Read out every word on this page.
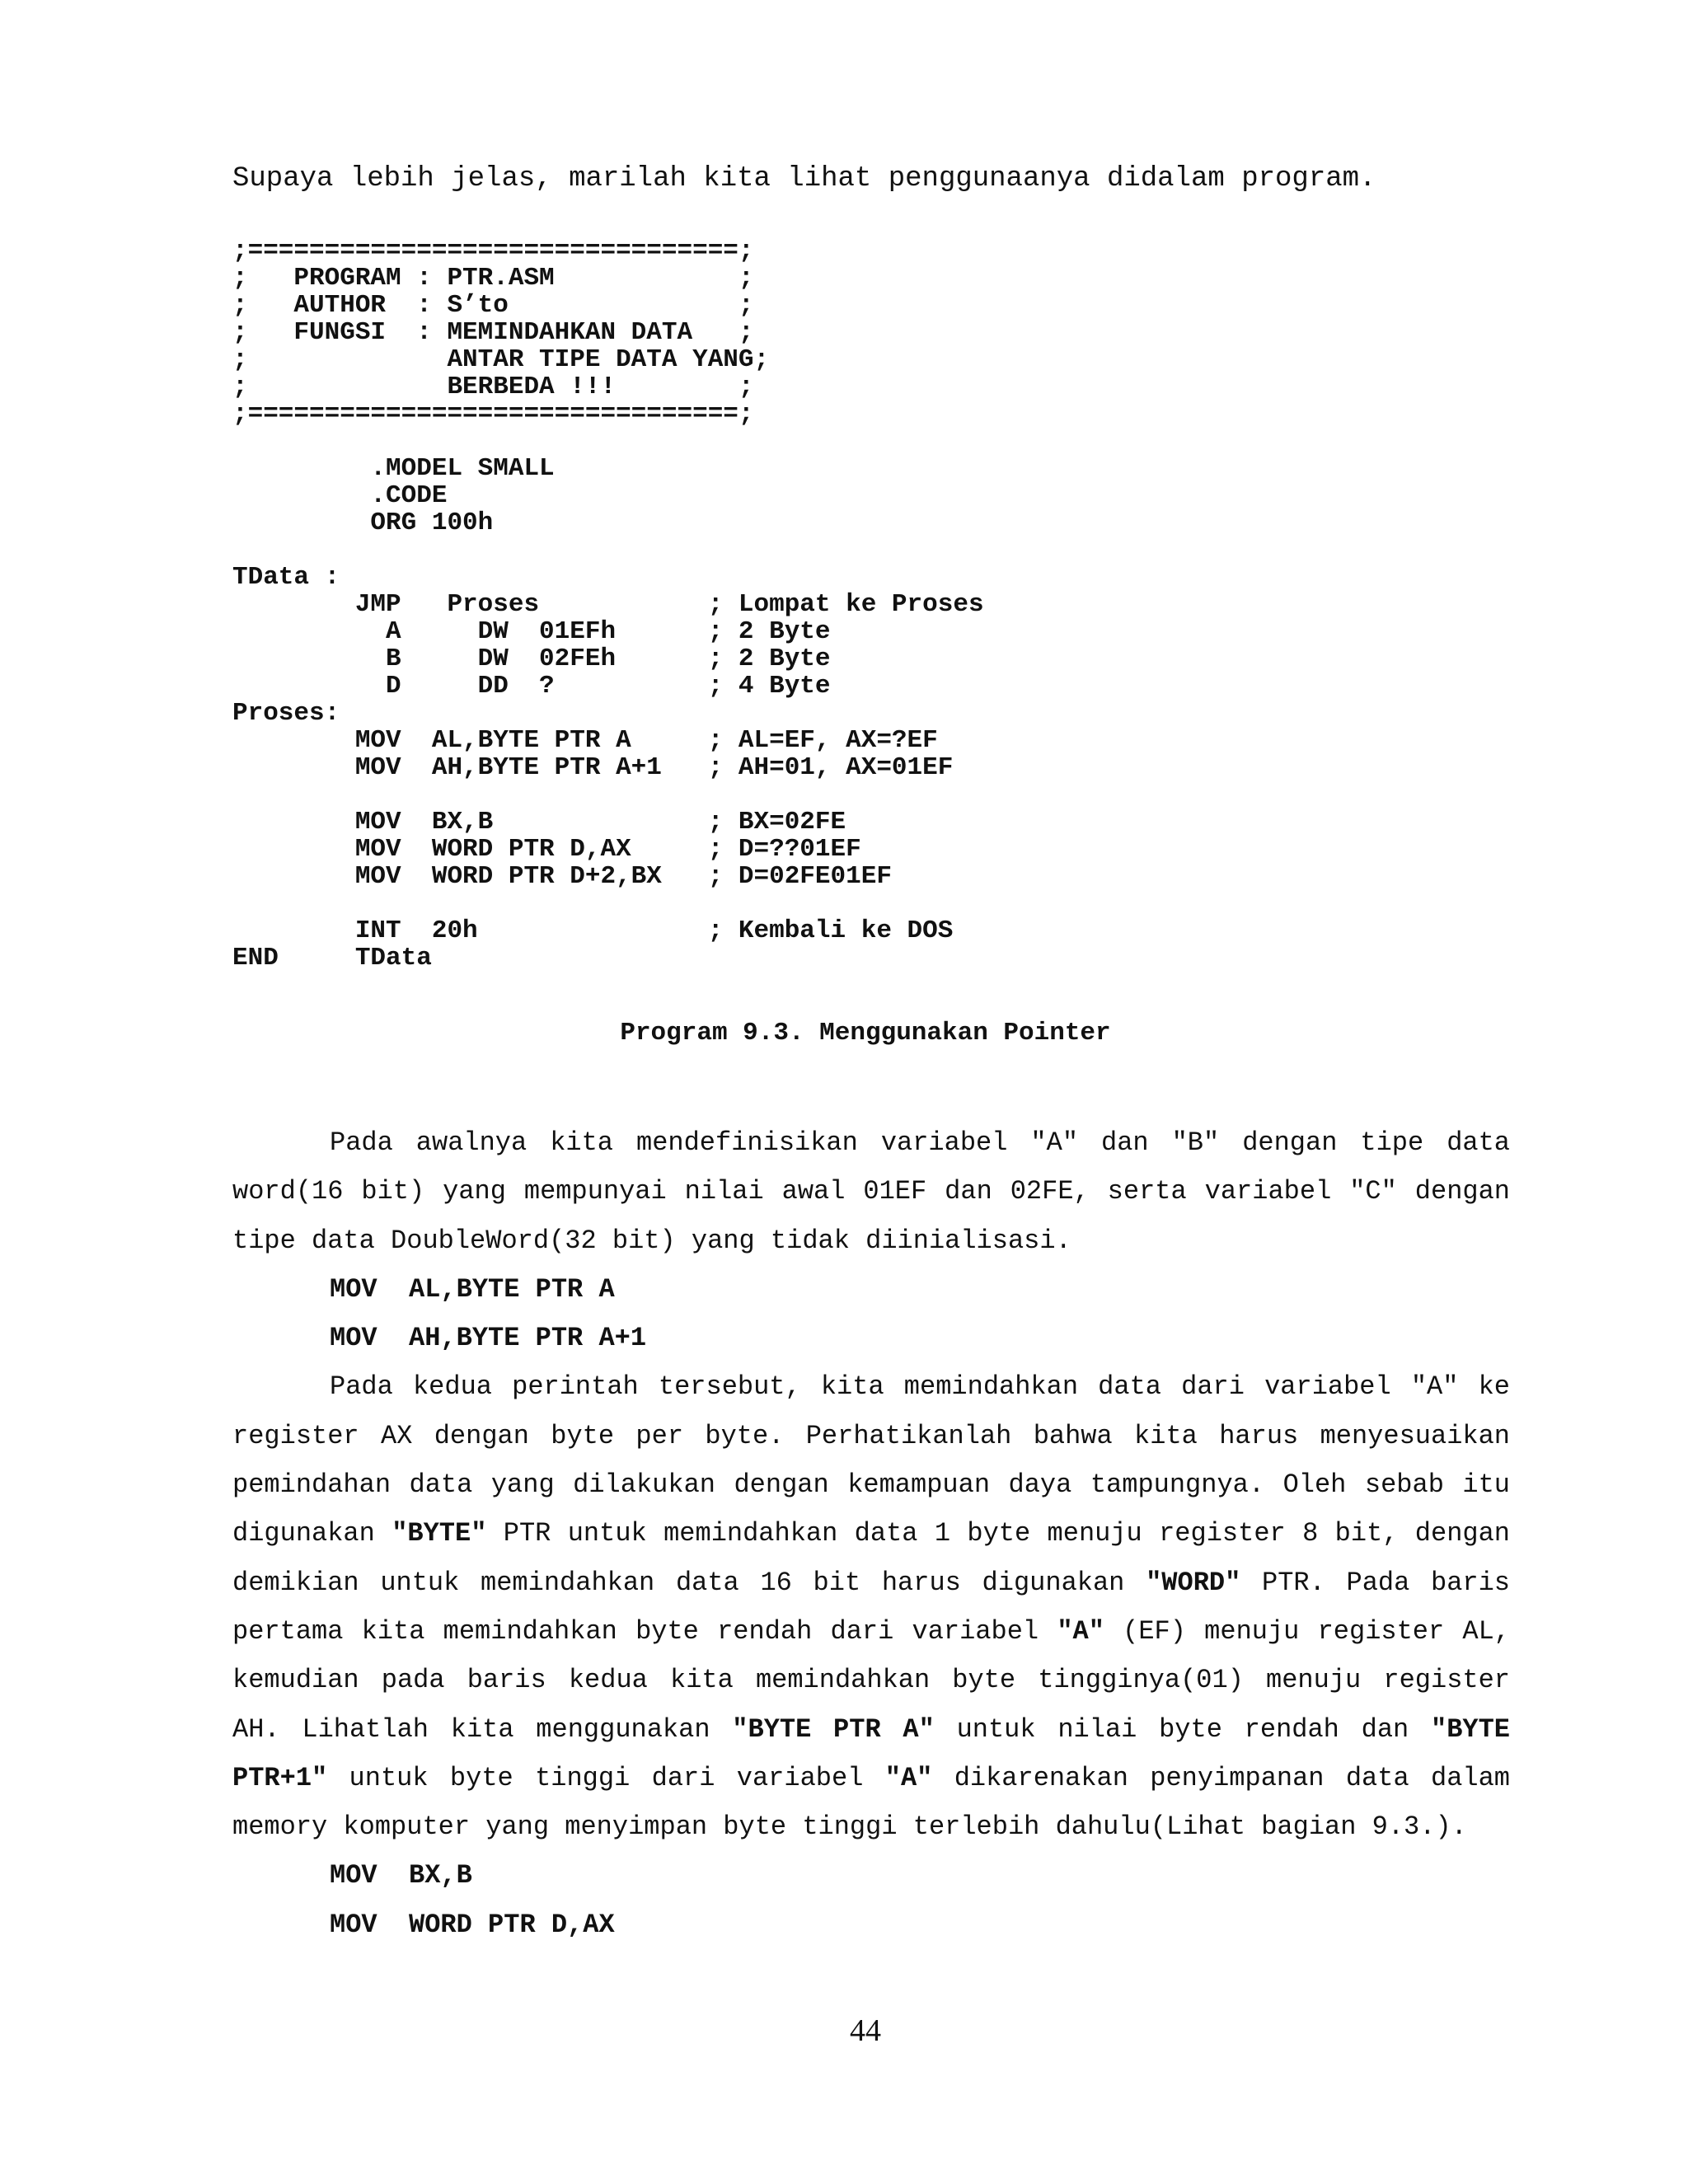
Supaya lebih jelas, marilah kita lihat penggunaanya didalam program.
;================================;
;   PROGRAM : PTR.ASM            ;
;   AUTHOR  : S’to               ;
;   FUNGSI  : MEMINDAHKAN DATA   ;
;             ANTAR TIPE DATA YANG;
;             BERBEDA !!!        ;
;================================;
.MODEL SMALL
.CODE
ORG 100h
TData :
JMP   Proses           ; Lompat ke Proses
A     DW  01EFh      ; 2 Byte
B     DW  02FEh      ; 2 Byte
D     DD  ?          ; 4 Byte
Proses:
MOV  AL,BYTE PTR A     ; AL=EF, AX=?EF
MOV  AH,BYTE PTR A+1   ; AH=01, AX=01EF
MOV  BX,B              ; BX=02FE
MOV  WORD PTR D,AX     ; D=??01EF
MOV  WORD PTR D+2,BX   ; D=02FE01EF
INT  20h               ; Kembali ke DOS
END     TData
Program 9.3. Menggunakan Pointer

Pada awalnya kita mendefinisikan variabel "A" dan "B" dengan tipe data word(16 bit) yang mempunyai nilai awal 01EF dan 02FE, serta variabel "C" dengan tipe data DoubleWord(32 bit) yang tidak diinialisasi.

MOV  AL,BYTE PTR A
MOV  AH,BYTE PTR A+1

Pada kedua perintah tersebut, kita memindahkan data dari variabel "A" ke register AX dengan byte per byte. Perhatikanlah bahwa kita harus menyesuaikan pemindahan data yang dilakukan dengan kemampuan daya tampungnya. Oleh sebab itu digunakan "BYTE" PTR untuk memindahkan data 1 byte menuju register 8 bit, dengan demikian untuk memindahkan data 16 bit harus digunakan "WORD" PTR. Pada baris pertama kita memindahkan byte rendah dari variabel "A" (EF) menuju register AL, kemudian pada baris kedua kita memindahkan byte tingginya(01) menuju register AH. Lihatlah kita menggunakan "BYTE PTR A" untuk nilai byte rendah dan "BYTE PTR+1" untuk byte tinggi dari variabel "A" dikarenakan penyimpanan data dalam memory komputer yang menyimpan byte tinggi terlebih dahulu(Lihat bagian 9.3.).

MOV  BX,B
MOV  WORD PTR D,AX
44
